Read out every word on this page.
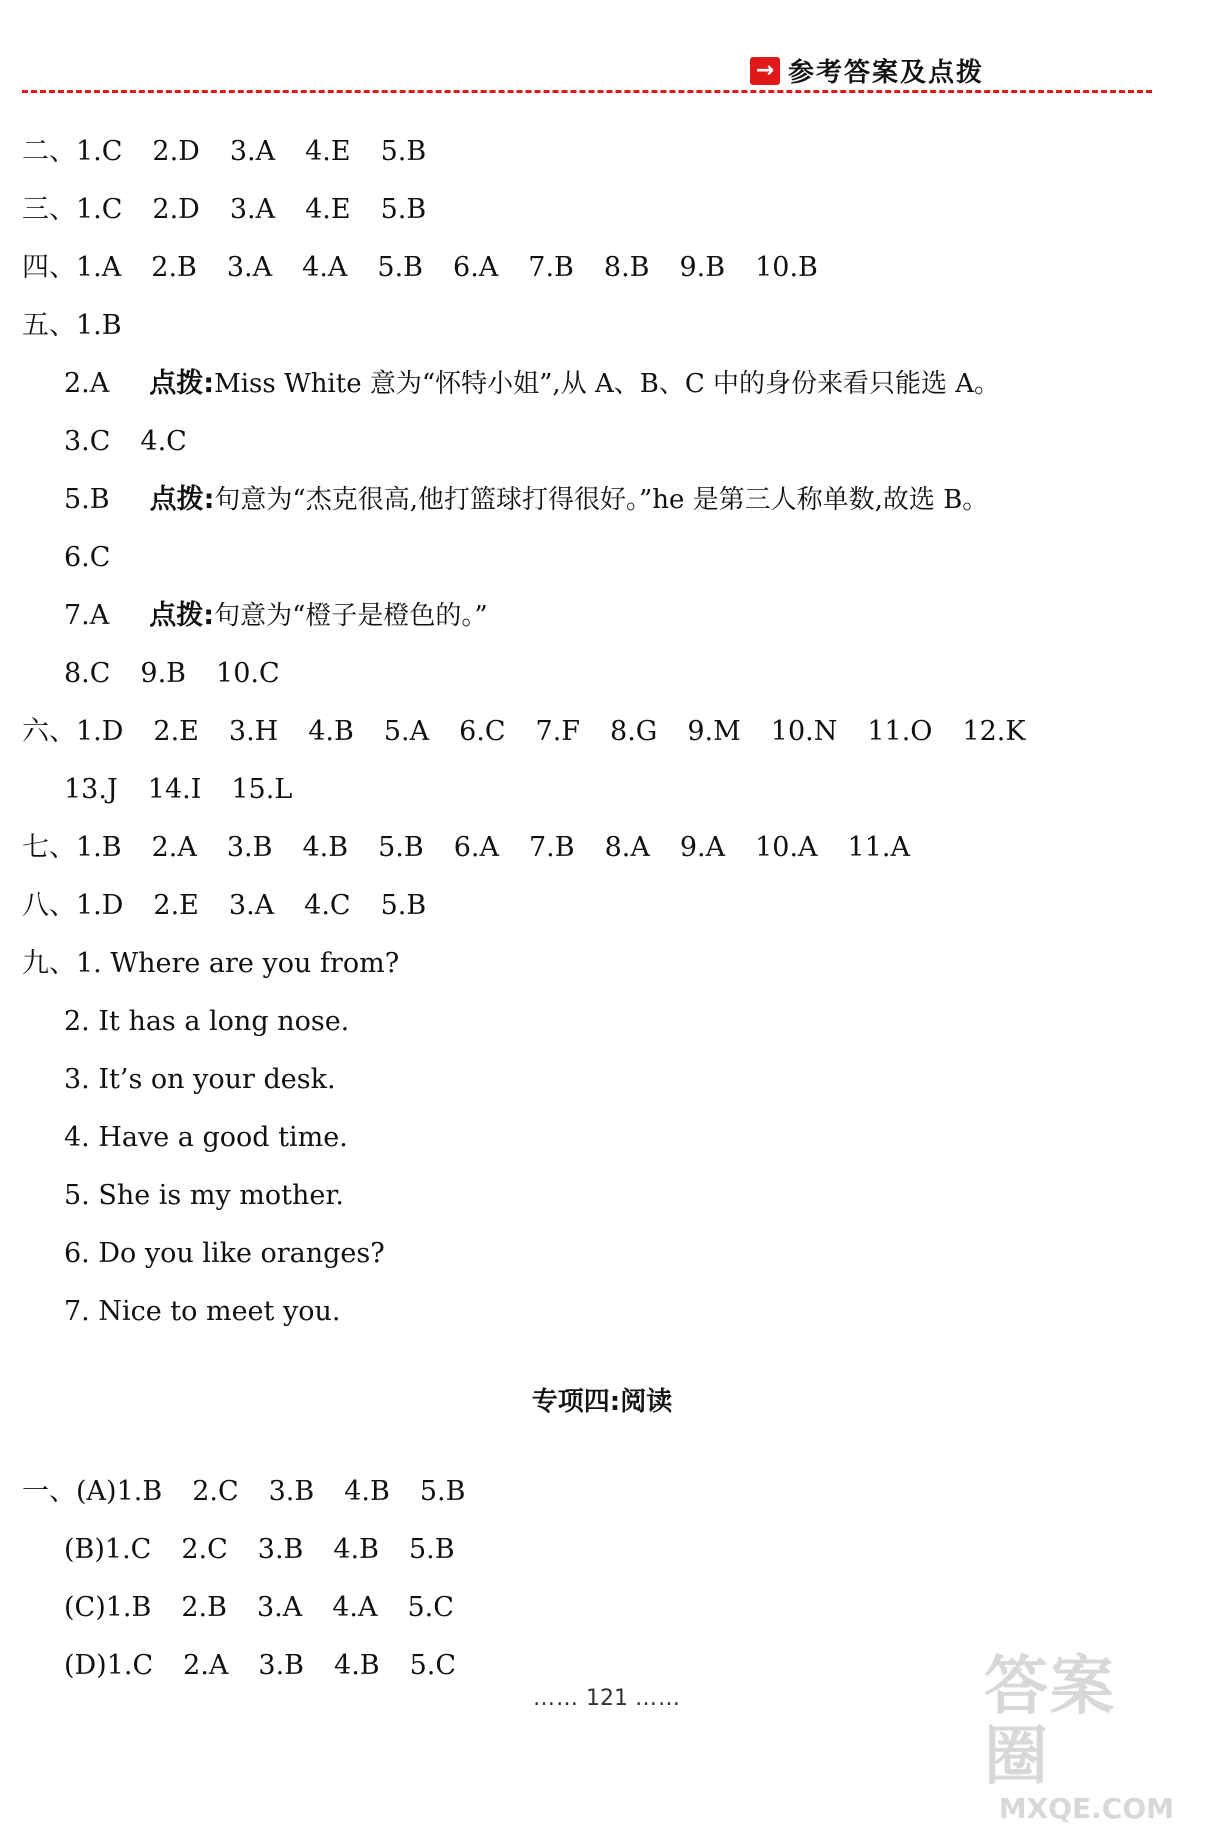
→ 参考答案及点拨
二、 1.C 2.D 3.A 4.E 5.B
三、 1.C 2.D 3.A 4.E 5.B
四、 1.A 2.B 3.A 4.A 5.B 6.A 7.B 8.B 9.B 10.B
五、 1.B
2.A 点拨: Miss White 意为“怀特小姐”,从 A、B、C 中的身份来看只能选 A。
3.C 4.C
5.B 点拨: 句意为“杰克很高,他打篮球打得很好。”he 是第三人称单数,故选 B。
6.C
7.A 点拨: 句意为“橙子是橙色的。”
8.C 9.B 10.C
六、 1.D 2.E 3.H 4.B 5.A 6.C 7.F 8.G 9.M 10.N 11.O 12.K
13.J 14.I 15.L
七、 1.B 2.A 3.B 4.B 5.B 6.A 7.B 8.A 9.A 10.A 11.A
八、 1.D 2.E 3.A 4.C 5.B
九、 1. Where are you from?
2. It has a long nose.
3. It’s on your desk.
4. Have a good time.
5. She is my mother.
6. Do you like oranges?
7. Nice to meet you.
专项四:阅读
一、 (A) 1.B 2.C 3.B 4.B 5.B
(B) 1.C 2.C 3.B 4.B 5.B
(C) 1.B 2.B 3.A 4.A 5.C
(D) 1.C 2.A 3.B 4.B 5.C
…… 121 ……	答案圈
MXQE.COM
